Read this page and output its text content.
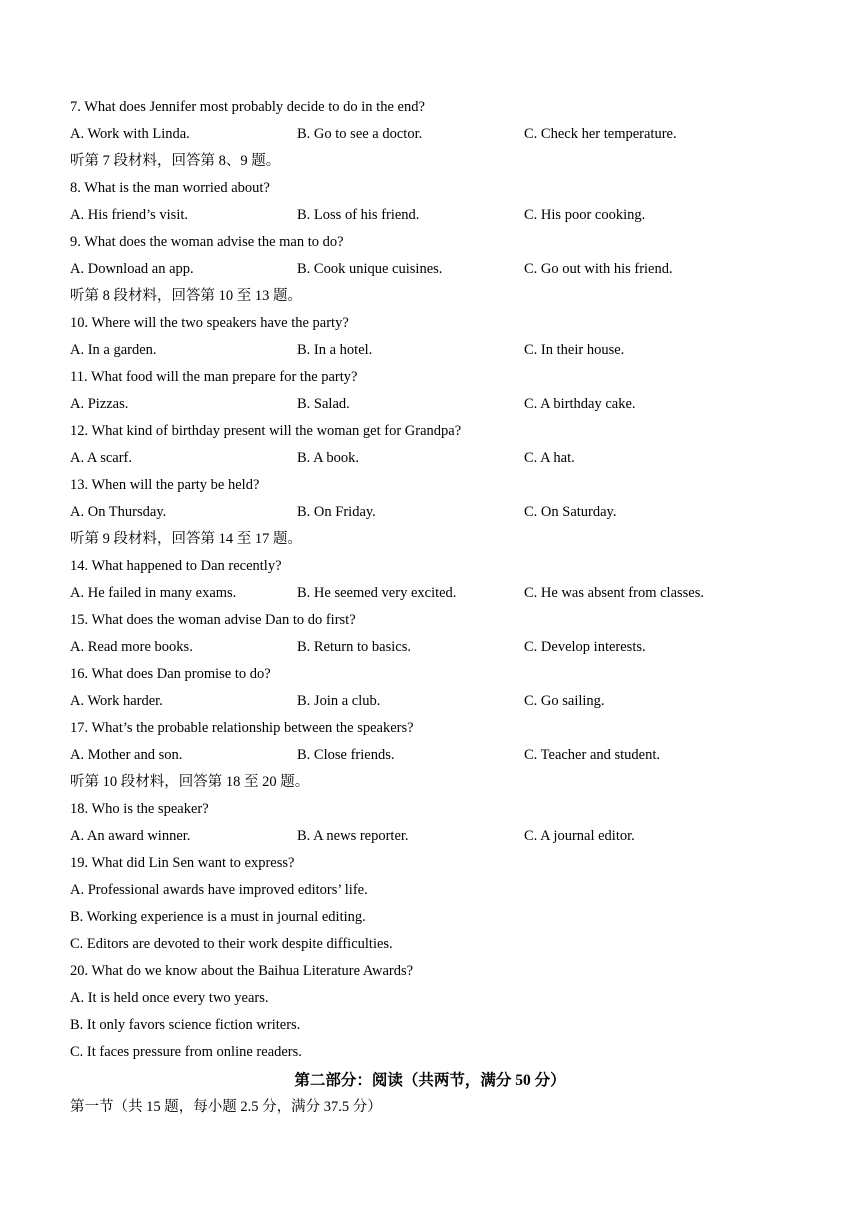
7. What does Jennifer most probably decide to do in the end?
A. Work with Linda.	B. Go to see a doctor.	C. Check her temperature.
听第 7 段材料，回答第 8、9 题。
8. What is the man worried about?
A. His friend’s visit.	B. Loss of his friend.	C. His poor cooking.
9. What does the woman advise the man to do?
A. Download an app.	B. Cook unique cuisines.	C. Go out with his friend.
听第 8 段材料，回答第 10 至 13 题。
10. Where will the two speakers have the party?
A. In a garden.	B. In a hotel.	C. In their house.
11. What food will the man prepare for the party?
A. Pizzas.	B. Salad.	C. A birthday cake.
12. What kind of birthday present will the woman get for Grandpa?
A. A scarf.	B. A book.	C. A hat.
13. When will the party be held?
A. On Thursday.	B. On Friday.	C. On Saturday.
听第 9 段材料，回答第 14 至 17 题。
14. What happened to Dan recently?
A. He failed in many exams.	B. He seemed very excited.	C. He was absent from classes.
15. What does the woman advise Dan to do first?
A. Read more books.	B. Return to basics.	C. Develop interests.
16. What does Dan promise to do?
A. Work harder.	B. Join a club.	C. Go sailing.
17. What’s the probable relationship between the speakers?
A. Mother and son.	B. Close friends.	C. Teacher and student.
听第 10 段材料，回答第 18 至 20 题。
18. Who is the speaker?
A. An award winner.	B. A news reporter.	C. A journal editor.
19. What did Lin Sen want to express?
A. Professional awards have improved editors’ life.
B. Working experience is a must in journal editing.
C. Editors are devoted to their work despite difficulties.
20. What do we know about the Baihua Literature Awards?
A. It is held once every two years.
B. It only favors science fiction writers.
C. It faces pressure from online readers.
第二部分：阅读（共两节，满分 50 分）
第一节（共 15 题，每小题 2.5 分，满分 37.5 分）
